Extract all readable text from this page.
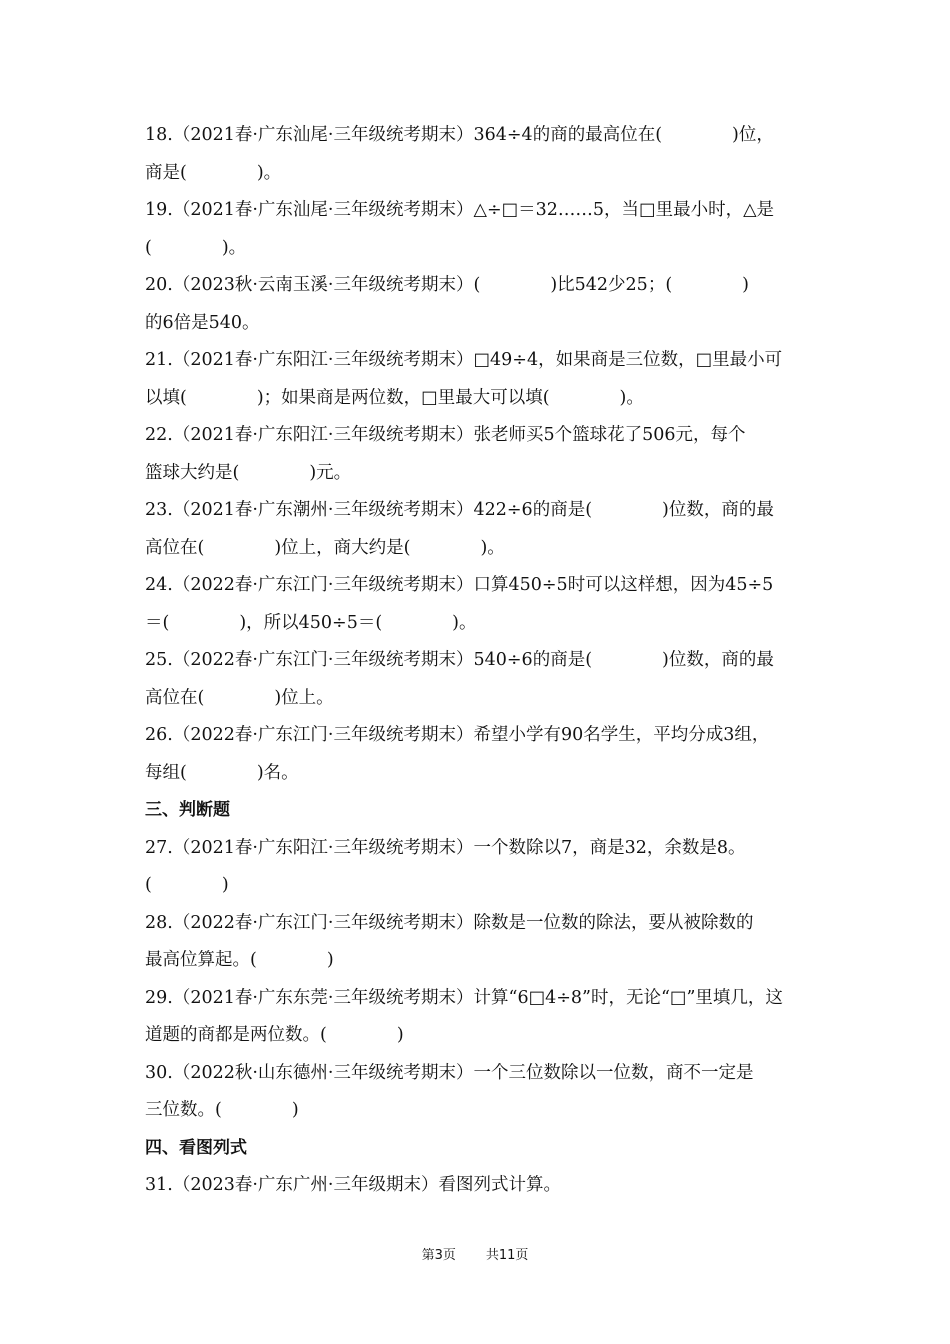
18.（2021春·广东汕尾·三年级统考期末）364÷4的商的最高位在(　　　　)位，
商是(　　　　)。
19.（2021春·广东汕尾·三年级统考期末）△÷□＝32……5，当□里最小时，△是
(　　　　)。
20.（2023秋·云南玉溪·三年级统考期末）(　　　　)比542少25；(　　　　)
的6倍是540。
21.（2021春·广东阳江·三年级统考期末）□49÷4，如果商是三位数，□里最小可
以填(　　　　)；如果商是两位数，□里最大可以填(　　　　)。
22.（2021春·广东阳江·三年级统考期末）张老师买5个篮球花了506元，每个
篮球大约是(　　　　)元。
23.（2021春·广东潮州·三年级统考期末）422÷6的商是(　　　　)位数，商的最
高位在(　　　　)位上，商大约是(　　　　)。
24.（2022春·广东江门·三年级统考期末）口算450÷5时可以这样想，因为45÷5
＝(　　　　)，所以450÷5＝(　　　　)。
25.（2022春·广东江门·三年级统考期末）540÷6的商是(　　　　)位数，商的最
高位在(　　　　)位上。
26.（2022春·广东江门·三年级统考期末）希望小学有90名学生，平均分成3组，
每组(　　　　)名。
三、判断题
27.（2021春·广东阳江·三年级统考期末）一个数除以7，商是32，余数是8。
(　　　　)
28.（2022春·广东江门·三年级统考期末）除数是一位数的除法，要从被除数的
最高位算起。(　　　　)
29.（2021春·广东东莞·三年级统考期末）计算“6□4÷8”时，无论“□”里填几，这
道题的商都是两位数。(　　　　)
30.（2022秋·山东德州·三年级统考期末）一个三位数除以一位数，商不一定是
三位数。(　　　　)
四、看图列式
31.（2023春·广东广州·三年级期末）看图列式计算。
第3页 共11页
